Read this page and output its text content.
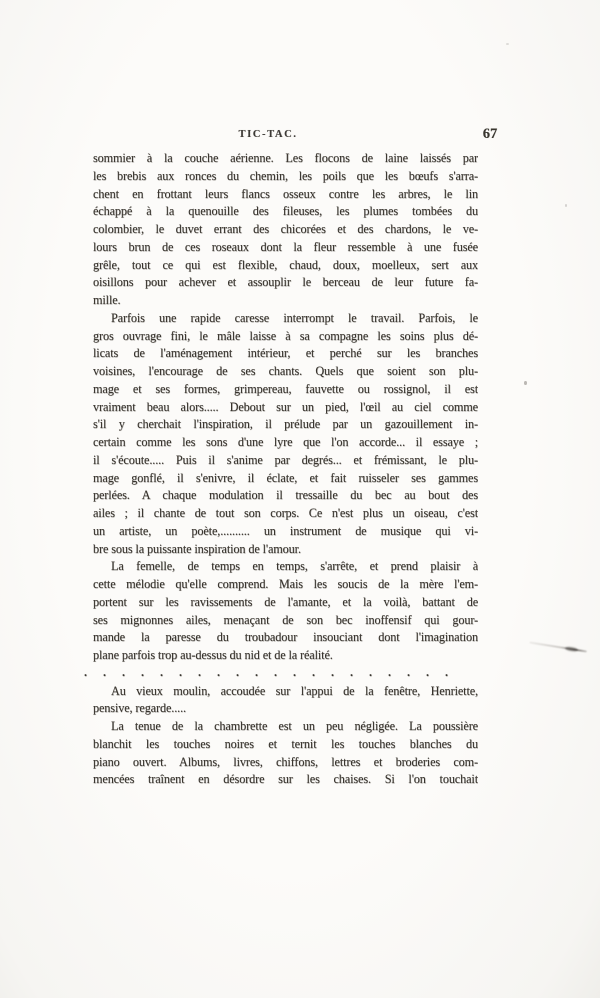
TIC-TAC.	67
sommier à la couche aérienne. Les flocons de laine laissés par
les brebis aux ronces du chemin, les poils que les bœufs s'arra-
chent en frottant leurs flancs osseux contre les arbres, le lin
échappé à la quenouille des fileuses, les plumes tombées du
colombier, le duvet errant des chicorées et des chardons, le ve-
lours brun de ces roseaux dont la fleur ressemble à une fusée
grêle, tout ce qui est flexible, chaud, doux, moelleux, sert aux
oisillons pour achever et assouplir le berceau de leur future fa-
mille.
Parfois une rapide caresse interrompt le travail. Parfois, le
gros ouvrage fini, le mâle laisse à sa compagne les soins plus dé-
licats de l'aménagement intérieur, et perché sur les branches
voisines, l'encourage de ses chants. Quels que soient son plu-
mage et ses formes, grimpereau, fauvette ou rossignol, il est
vraiment beau alors..... Debout sur un pied, l'œil au ciel comme
s'il y cherchait l'inspiration, il prélude par un gazouillement in-
certain comme les sons d'une lyre que l'on accorde... il essaye ;
il s'écoute..... Puis il s'anime par degrés... et frémissant, le plu-
mage gonflé, il s'enivre, il éclate, et fait ruisseler ses gammes
perlées. A chaque modulation il tressaille du bec au bout des
ailes ; il chante de tout son corps. Ce n'est plus un oiseau, c'est
un artiste, un poète,.......... un instrument de musique qui vi-
bre sous la puissante inspiration de l'amour.
La femelle, de temps en temps, s'arrête, et prend plaisir à
cette mélodie qu'elle comprend. Mais les soucis de la mère l'em-
portent sur les ravissements de l'amante, et la voilà, battant de
ses mignonnes ailes, menaçant de son bec inoffensif qui gour-
mande la paresse du troubadour insouciant dont l'imagination
plane parfois trop au-dessus du nid et de la réalité.
. . . . . . . . . . . . . . . . . . . .
Au vieux moulin, accoudée sur l'appui de la fenêtre, Henriette,
pensive, regarde.....
La tenue de la chambrette est un peu négligée. La poussière
blanchit les touches noires et ternit les touches blanches du
piano ouvert. Albums, livres, chiffons, lettres et broderies com-
mencées traînent en désordre sur les chaises. Si l'on touchait
